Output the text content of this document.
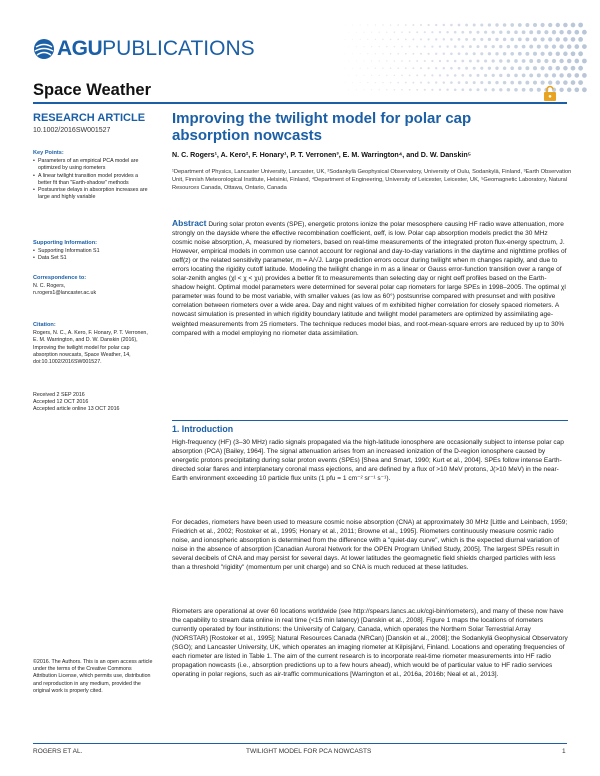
AGU PUBLICATIONS
Space Weather
RESEARCH ARTICLE
10.1002/2016SW001527
Key Points:
• Parameters of an empirical PCA model are optimized by using riometers
• A linear twilight transition model provides a better fit than "Earth-shadow" methods
• Postsunrise delays in absorption increases are large and highly variable
Supporting Information:
• Supporting Information S1
• Data Set S1
Correspondence to:
N. C. Rogers,
n.rogers1@lancaster.ac.uk
Citation:
Rogers, N. C., A. Kero, F. Honary, P. T. Verronen, E. M. Warrington, and D. W. Danskin (2016), Improving the twilight model for polar cap absorption nowcasts, Space Weather, 14, doi:10.1002/2016SW001527.
Received 2 SEP 2016
Accepted 12 OCT 2016
Accepted article online 13 OCT 2016
©2016. The Authors. This is an open access article under the terms of the Creative Commons Attribution License, which permits use, distribution and reproduction in any medium, provided the original work is properly cited.
Improving the twilight model for polar cap absorption nowcasts
N. C. Rogers¹, A. Kero², F. Honary¹, P. T. Verronen³, E. M. Warrington⁴, and D. W. Danskin⁵
¹Department of Physics, Lancaster University, Lancaster, UK, ²Sodankylä Geophysical Observatory, University of Oulu, Sodankylä, Finland, ³Earth Observation Unit, Finnish Meteorological Institute, Helsinki, Finland, ⁴Department of Engineering, University of Leicester, Leicester, UK, ⁵Geomagnetic Laboratory, Natural Resources Canada, Ottawa, Ontario, Canada
Abstract During solar proton events (SPE), energetic protons ionize the polar mesosphere causing HF radio wave attenuation, more strongly on the dayside where the effective recombination coefficient, αeff, is low. Polar cap absorption models predict the 30 MHz cosmic noise absorption, A, measured by riometers, based on real-time measurements of the integrated proton flux-energy spectrum, J. However, empirical models in common use cannot account for regional and day-to-day variations in the daytime and nighttime profiles of αeff(z) or the related sensitivity parameter, m = A/√J. Large prediction errors occur during twilight when m changes rapidly, and due to errors locating the rigidity cutoff latitude. Modeling the twilight change in m as a linear or Gauss error-function transition over a range of solar-zenith angles (χl < χ < χu) provides a better fit to measurements than selecting day or night αeff profiles based on the Earth-shadow height. Optimal model parameters were determined for several polar cap riometers for large SPEs in 1998–2005. The optimal χl parameter was found to be most variable, with smaller values (as low as 60°) postsunrise compared with presunset and with positive correlation between riometers over a wide area. Day and night values of m exhibited higher correlation for closely spaced riometers. A nowcast simulation is presented in which rigidity boundary latitude and twilight model parameters are optimized by assimilating age-weighted measurements from 25 riometers. The technique reduces model bias, and root-mean-square errors are reduced by up to 30% compared with a model employing no riometer data assimilation.
1. Introduction
High-frequency (HF) (3–30 MHz) radio signals propagated via the high-latitude ionosphere are occasionally subject to intense polar cap absorption (PCA) [Bailey, 1964]. The signal attenuation arises from an increased ionization of the D-region ionosphere caused by energetic protons precipitating during solar proton events (SPEs) [Shea and Smart, 1990; Kurt et al., 2004]. SPEs follow intense Earth-directed solar flares and interplanetary coronal mass ejections, and are defined by a flux of >10 MeV protons, J(>10 MeV) in the near-Earth environment exceeding 10 particle flux units (1 pfu = 1 cm⁻² sr⁻¹ s⁻¹).
For decades, riometers have been used to measure cosmic noise absorption (CNA) at approximately 30 MHz [Little and Leinbach, 1959; Friedrich et al., 2002; Rostoker et al., 1995; Honary et al., 2011; Browne et al., 1995]. Riometers continuously measure cosmic radio noise, and ionospheric absorption is determined from the difference with a "quiet-day curve", which is the expected diurnal variation of noise in the absence of absorption [Canadian Auroral Network for the OPEN Program Unified Study, 2005]. The largest SPEs result in several decibels of CNA and may persist for several days. At lower latitudes the geomagnetic field shields charged particles with less than a threshold "rigidity" (momentum per unit charge) and so CNA is much reduced at these latitudes.
Riometers are operational at over 60 locations worldwide (see http://spears.lancs.ac.uk/cgi-bin/riometers), and many of these now have the capability to stream data online in real time (<15 min latency) [Danskin et al., 2008]. Figure 1 maps the locations of riometers currently operated by four institutions: the University of Calgary, Canada, which operates the Northern Solar Terrestrial Array (NORSTAR) [Rostoker et al., 1995]; Natural Resources Canada (NRCan) [Danskin et al., 2008]; the Sodankylä Geophysical Observatory (SGO); and Lancaster University, UK, which operates an imaging riometer at Kilpisjärvi, Finland. Locations and operating frequencies of each riometer are listed in Table 1. The aim of the current research is to incorporate real-time riometer measurements into HF radio propagation nowcasts (i.e., absorption predictions up to a few hours ahead), which would be of particular value to HF radio services operating in polar regions, such as air-traffic communications [Warrington et al., 2016a, 2016b; Neal et al., 2013].
ROGERS ET AL.	TWILIGHT MODEL FOR PCA NOWCASTS	1
